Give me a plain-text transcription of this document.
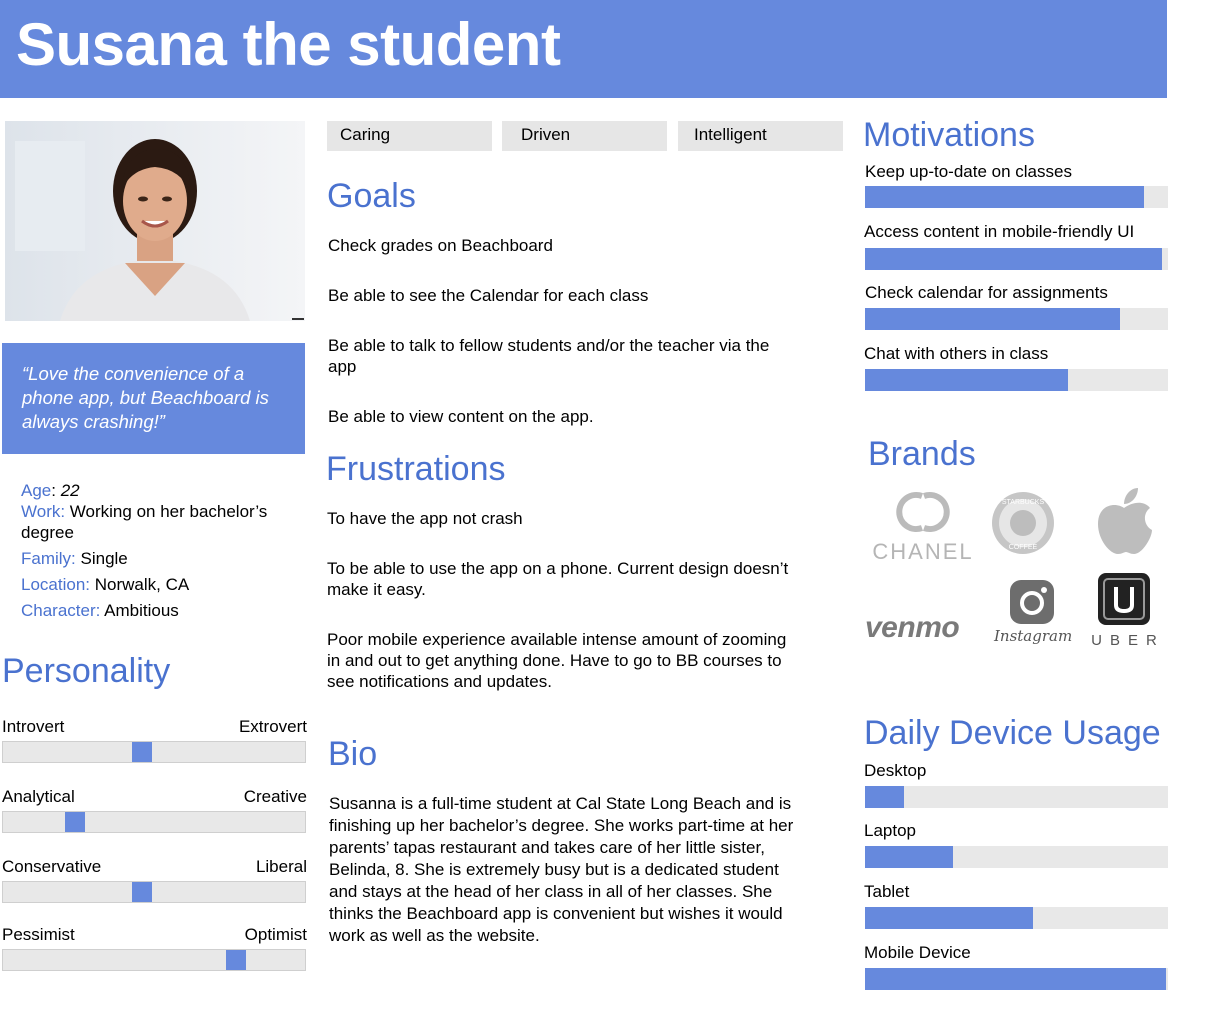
Susana the student
“Love the convenience of a phone app, but Beachboard is always crashing!”
Age: 22
Work: Working on her bachelor’s
degree
Family: Single
Location: Norwalk, CA
Character: Ambitious
Personality
Introvert	Extrovert
Analytical	Creative
Conservative	Liberal
Pessimist	Optimist
Caring	Driven	Intelligent
Goals
Check grades on Beachboard
Be able to see the Calendar for each class
Be able to talk to fellow students and/or the teacher via the
app
Be able to view content on the app.
Frustrations
To have the app not crash
To be able to use the app on a phone. Current design doesn’t
make it easy.
Poor mobile experience available intense amount of zooming
in and out to get anything done. Have to go to BB courses to
see notifications and updates.
Bio
Susanna is a full-time student at Cal State Long Beach and is
finishing up her bachelor’s degree. She works part-time at her
parents’ tapas restaurant and takes care of her little sister,
Belinda, 8. She is extremely busy but is a dedicated student
and stays at the head of her class in all of her classes. She
thinks the Beachboard app is convenient but wishes it would
work as well as the website.
Motivations
Keep up-to-date on classes
Access content in mobile-friendly UI
Check calendar for assignments
Chat with others in class
Brands
CHANEL
STARBUCKS
COFFEE
venmo Instagram	UBER
Daily Device Usage
Desktop
Laptop
Tablet
Mobile Device
